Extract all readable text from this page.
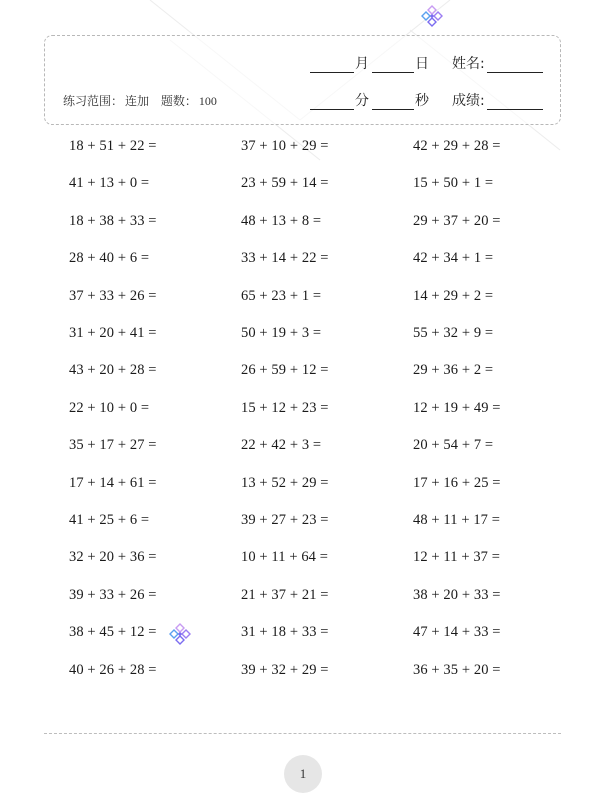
练习范围： 连加 题数： 100
月	日 姓名:
分	秒 成绩:
18 + 51 + 22 =	37 + 10 + 29 =	42 + 29 + 28 =
41 + 13 + 0 =	23 + 59 + 14 =	15 + 50 + 1 =
18 + 38 + 33 =	48 + 13 + 8 =	29 + 37 + 20 =
28 + 40 + 6 =	33 + 14 + 22 =	42 + 34 + 1 =
37 + 33 + 26 =	65 + 23 + 1 =	14 + 29 + 2 =
31 + 20 + 41 =	50 + 19 + 3 =	55 + 32 + 9 =
43 + 20 + 28 =	26 + 59 + 12 =	29 + 36 + 2 =
22 + 10 + 0 =	15 + 12 + 23 =	12 + 19 + 49 =
35 + 17 + 27 =	22 + 42 + 3 =	20 + 54 + 7 =
17 + 14 + 61 =	13 + 52 + 29 =	17 + 16 + 25 =
41 + 25 + 6 =	39 + 27 + 23 =	48 + 11 + 17 =
32 + 20 + 36 =	10 + 11 + 64 =	12 + 11 + 37 =
39 + 33 + 26 =	21 + 37 + 21 =	38 + 20 + 33 =
38 + 45 + 12 =	31 + 18 + 33 =	47 + 14 + 33 =
40 + 26 + 28 =	39 + 32 + 29 =	36 + 35 + 20 =
1
